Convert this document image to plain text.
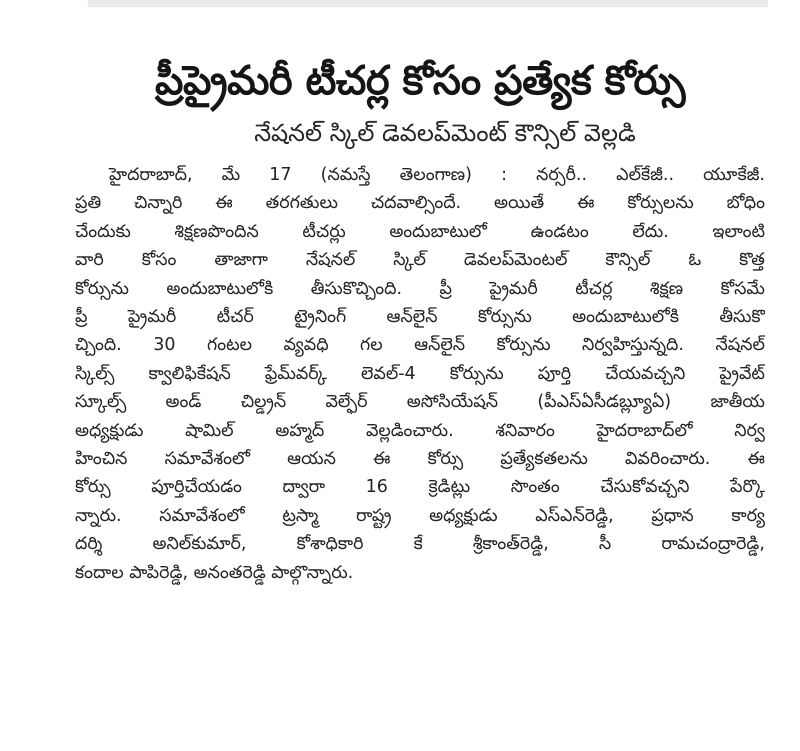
ప్రీప్రైమరీ టీచర్ల కోసం ప్రత్యేక కోర్సు
నేషనల్ స్కిల్ డెవలప్‌మెంట్ కౌన్సిల్ వెల్లడి
హైదరాబాద్, మే 17 (నమస్తే తెలంగాణ) : నర్సరీ.. ఎల్‌కేజీ.. యూకేజీ.
ప్రతి చిన్నారి ఈ తరగతులు చదవాల్సిందే. అయితే ఈ కోర్సులను బోధిం
చేందుకు శిక్షణపొందిన టీచర్లు అందుబాటులో ఉండటం లేదు. ఇలాంటి
వారి కోసం తాజాగా నేషనల్ స్కిల్ డెవలప్‌మెంటల్ కౌన్సిల్ ఓ కొత్త
కోర్సును అందుబాటులోకి తీసుకొచ్చింది. ప్రీ ప్రైమరీ టీచర్ల శిక్షణ కోసమే
ప్రీ ప్రైమరీ టీచర్ ట్రైనింగ్ ఆన్‌లైన్ కోర్సును అందుబాటులోకి తీసుకొ
చ్చింది. 30 గంటల వ్యవధి గల ఆన్‌లైన్ కోర్సును నిర్వహిస్తున్నది. నేషనల్
స్కిల్స్ క్వాలిఫికేషన్ ఫ్రేమ్‌వర్క్ లెవల్-4 కోర్సును పూర్తి చేయవచ్చని ప్రైవేట్
స్కూల్స్ అండ్ చిల్డ్రన్ వెల్ఫేర్ అసోసియేషన్ (పీఎస్‌ఏసీడబ్ల్యూఏ) జాతీయ
అధ్యక్షుడు షామిల్ అహ్మద్ వెల్లడించారు. శనివారం హైదరాబాద్‌లో నిర్వ
హించిన సమావేశంలో ఆయన ఈ కోర్సు ప్రత్యేకతలను వివరించారు. ఈ
కోర్సు పూర్తిచేయడం ద్వారా 16 క్రెడిట్లు సొంతం చేసుకోవచ్చని పేర్కొ
న్నారు. సమావేశంలో ట్రస్మా రాష్ట్ర అధ్యక్షుడు ఎస్‌ఎన్‌రెడ్డి, ప్రధాన కార్య
దర్శి	అనిల్‌కుమార్,	కోశాధికారి	కే	శ్రీకాంత్‌రెడ్డి,	సీ	రామచంద్రారెడ్డి,
కందాల పాపిరెడ్డి, అనంతరెడ్డి పాల్గొన్నారు.
